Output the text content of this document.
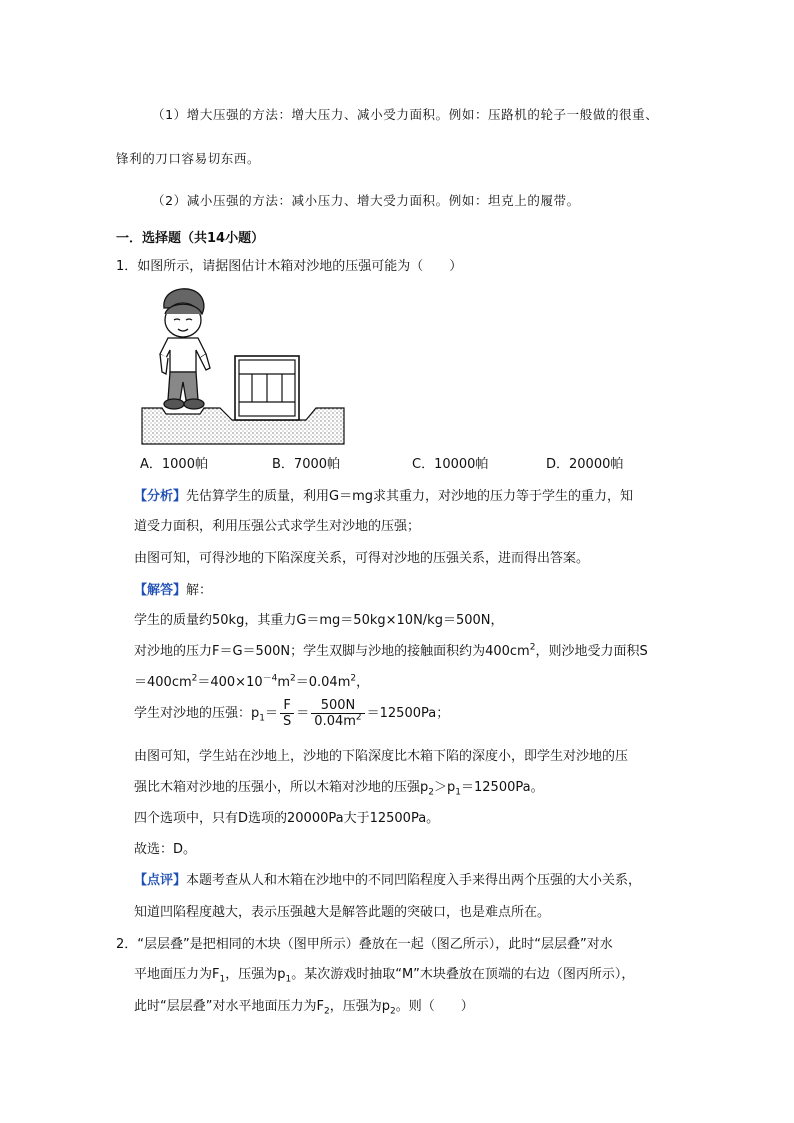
（1）增大压强的方法：增大压力、减小受力面积。例如：压路机的轮子一般做的很重、
锋利的刀口容易切东西。
（2）减小压强的方法：减小压力、增大受力面积。例如：坦克上的履带。
一．选择题（共14小题）
1．如图所示，请据图估计木箱对沙地的压强可能为（　　）
A．1000帕	B．7000帕	C．10000帕	D．20000帕
【分析】先估算学生的质量，利用G＝mg求其重力，对沙地的压力等于学生的重力，知
道受力面积，利用压强公式求学生对沙地的压强；
由图可知，可得沙地的下陷深度关系，可得对沙地的压强关系，进而得出答案。
【解答】解：
学生的质量约50kg，其重力G＝mg＝50kg×10N/kg＝500N，
对沙地的压力F＝G＝500N；学生双脚与沙地的接触面积约为$400cm^2$，则沙地受力面积S
$=400cm^2=400\times 10^{-4}m^2=0.04m^2$，
学生对沙地的压强：$p_1= \frac{F}{S} = \frac{500N}{0.04m^2} =12500Pa$；
由图可知，学生站在沙地上，沙地的下陷深度比木箱下陷的深度小，即学生对沙地的压
强比木箱对沙地的压强小，所以木箱对沙地的压强$p_2>p_1=12500Pa$。
四个选项中，只有D选项的20000Pa大于12500Pa。
故选：D。
【点评】本题考查从人和木箱在沙地中的不同凹陷程度入手来得出两个压强的大小关系，
知道凹陷程度越大，表示压强越大是解答此题的突破口，也是难点所在。
2．“层层叠”是把相同的木块（图甲所示）叠放在一起（图乙所示），此时“层层叠”对水
平地面压力为$F_1$，压强为$p_1$。某次游戏时抽取“M”木块叠放在顶端的右边（图丙所示），
此时“层层叠”对水平地面压力为$F_2$，压强为$p_2$。则（　　）
